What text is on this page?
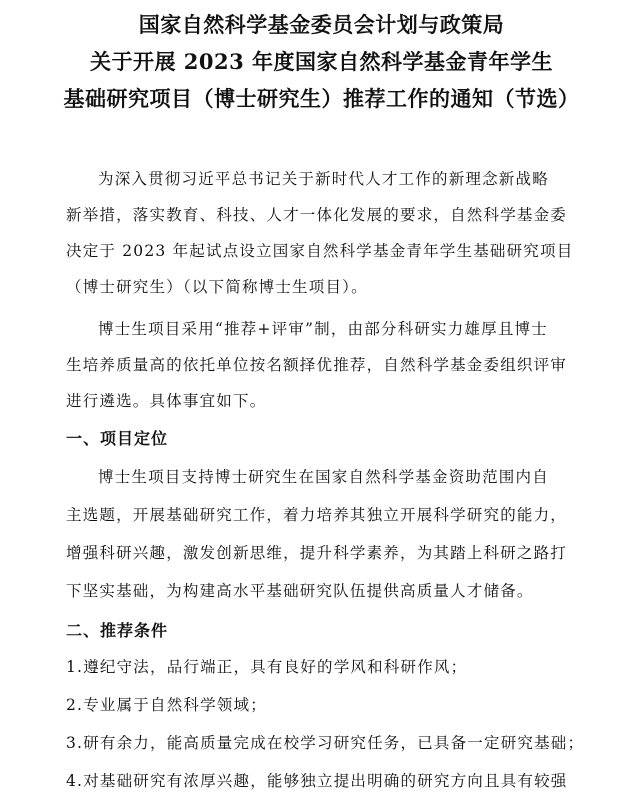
国家自然科学基金委员会计划与政策局
关于开展 2023 年度国家自然科学基金青年学生
基础研究项目（博士研究生）推荐工作的通知（节选）
为深入贯彻习近平总书记关于新时代人才工作的新理念新战略
新举措，落实教育、科技、人才一体化发展的要求，自然科学基金委
决定于 2023 年起试点设立国家自然科学基金青年学生基础研究项目
（博士研究生）（以下简称博士生项目）。
博士生项目采用“推荐+评审”制，由部分科研实力雄厚且博士
生培养质量高的依托单位按名额择优推荐，自然科学基金委组织评审
进行遴选。具体事宜如下。
一、项目定位
博士生项目支持博士研究生在国家自然科学基金资助范围内自
主选题，开展基础研究工作，着力培养其独立开展科学研究的能力，
增强科研兴趣，激发创新思维，提升科学素养，为其踏上科研之路打
下坚实基础，为构建高水平基础研究队伍提供高质量人才储备。
二、推荐条件
1.遵纪守法，品行端正，具有良好的学风和科研作风；
2.专业属于自然科学领域；
3.研有余力，能高质量完成在校学习研究任务，已具备一定研究基础；
4.对基础研究有浓厚兴趣，能够独立提出明确的研究方向且具有较强
